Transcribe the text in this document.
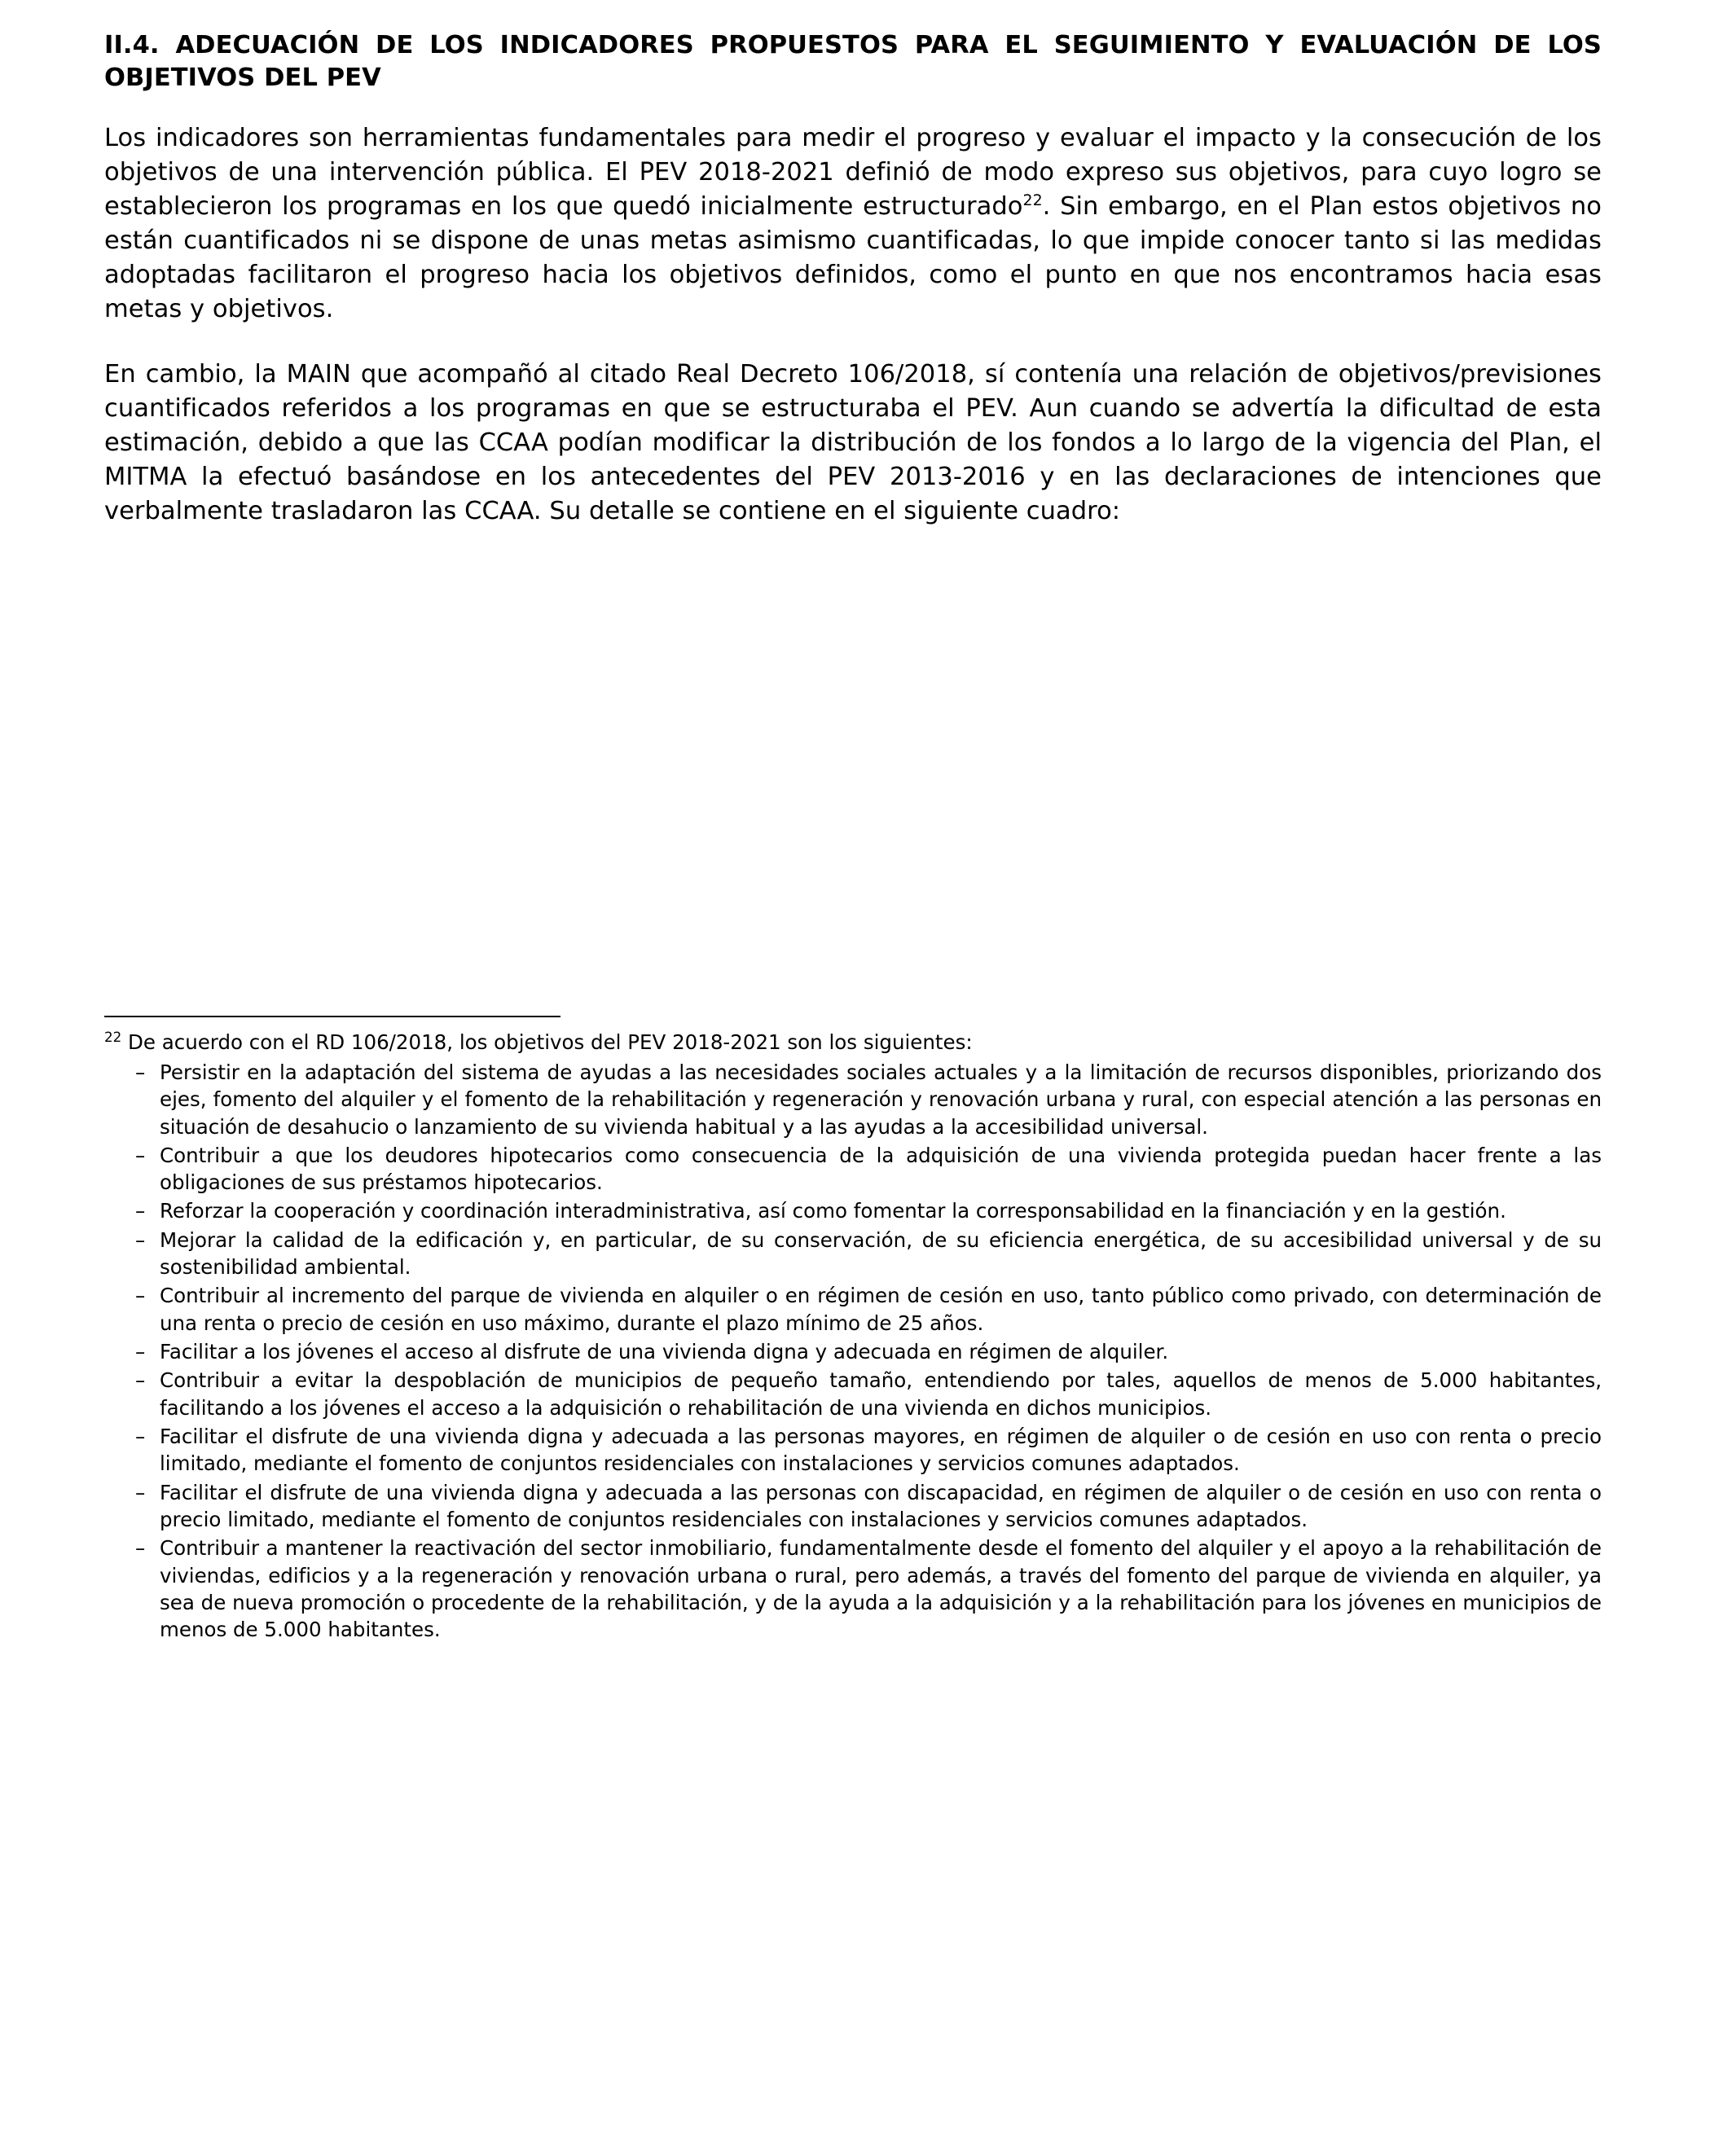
II.4. ADECUACIÓN DE LOS INDICADORES PROPUESTOS PARA EL SEGUIMIENTO Y EVALUACIÓN DE LOS OBJETIVOS DEL PEV

Los indicadores son herramientas fundamentales para medir el progreso y evaluar el impacto y la consecución de los objetivos de una intervención pública. El PEV 2018-2021 definió de modo expreso sus objetivos, para cuyo logro se establecieron los programas en los que quedó inicialmente estructurado$^{22}$. Sin embargo, en el Plan estos objetivos no están cuantificados ni se dispone de unas metas asimismo cuantificadas, lo que impide conocer tanto si las medidas adoptadas facilitaron el progreso hacia los objetivos definidos, como el punto en que nos encontramos hacia esas metas y objetivos.

En cambio, la MAIN que acompañó al citado Real Decreto 106/2018, sí contenía una relación de objetivos/previsiones cuantificados referidos a los programas en que se estructuraba el PEV. Aun cuando se advertía la dificultad de esta estimación, debido a que las CCAA podían modificar la distribución de los fondos a lo largo de la vigencia del Plan, el MITMA la efectuó basándose en los antecedentes del PEV 2013-2016 y en las declaraciones de intenciones que verbalmente trasladaron las CCAA. Su detalle se contiene en el siguiente cuadro:

$^{22}$ De acuerdo con el RD 106/2018, los objetivos del PEV 2018-2021 son los siguientes:
– Persistir en la adaptación del sistema de ayudas a las necesidades sociales actuales y a la limitación de recursos disponibles, priorizando dos ejes, fomento del alquiler y el fomento de la rehabilitación y regeneración y renovación urbana y rural, con especial atención a las personas en situación de desahucio o lanzamiento de su vivienda habitual y a las ayudas a la accesibilidad universal.
– Contribuir a que los deudores hipotecarios como consecuencia de la adquisición de una vivienda protegida puedan hacer frente a las obligaciones de sus préstamos hipotecarios.
– Reforzar la cooperación y coordinación interadministrativa, así como fomentar la corresponsabilidad en la financiación y en la gestión.
– Mejorar la calidad de la edificación y, en particular, de su conservación, de su eficiencia energética, de su accesibilidad universal y de su sostenibilidad ambiental.
– Contribuir al incremento del parque de vivienda en alquiler o en régimen de cesión en uso, tanto público como privado, con determinación de una renta o precio de cesión en uso máximo, durante el plazo mínimo de 25 años.
– Facilitar a los jóvenes el acceso al disfrute de una vivienda digna y adecuada en régimen de alquiler.
– Contribuir a evitar la despoblación de municipios de pequeño tamaño, entendiendo por tales, aquellos de menos de 5.000 habitantes, facilitando a los jóvenes el acceso a la adquisición o rehabilitación de una vivienda en dichos municipios.
– Facilitar el disfrute de una vivienda digna y adecuada a las personas mayores, en régimen de alquiler o de cesión en uso con renta o precio limitado, mediante el fomento de conjuntos residenciales con instalaciones y servicios comunes adaptados.
– Facilitar el disfrute de una vivienda digna y adecuada a las personas con discapacidad, en régimen de alquiler o de cesión en uso con renta o precio limitado, mediante el fomento de conjuntos residenciales con instalaciones y servicios comunes adaptados.
– Contribuir a mantener la reactivación del sector inmobiliario, fundamentalmente desde el fomento del alquiler y el apoyo a la rehabilitación de viviendas, edificios y a la regeneración y renovación urbana o rural, pero además, a través del fomento del parque de vivienda en alquiler, ya sea de nueva promoción o procedente de la rehabilitación, y de la ayuda a la adquisición y a la rehabilitación para los jóvenes en municipios de menos de 5.000 habitantes.
